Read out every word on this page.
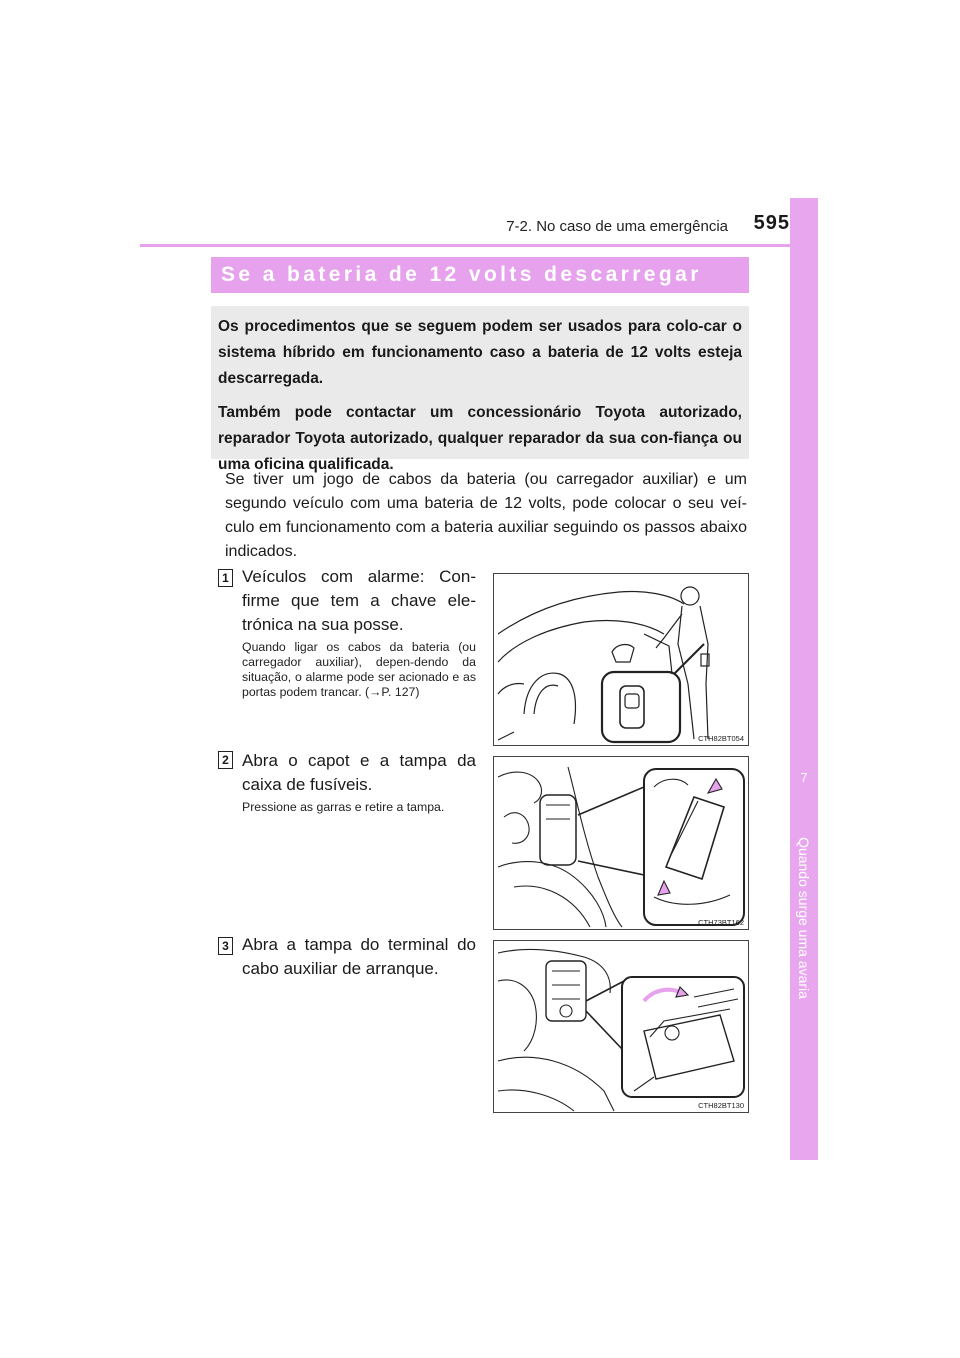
7-2. No caso de uma emergência	595
7
Quando surge uma avaria
Se a bateria de 12 volts descarregar

Os procedimentos que se seguem podem ser usados para colo-car o sistema híbrido em funcionamento caso a bateria de 12 volts esteja descarregada.

Também pode contactar um concessionário Toyota autorizado, reparador Toyota autorizado, qualquer reparador da sua con-fiança ou uma oficina qualificada.

Se tiver um jogo de cabos da bateria (ou carregador auxiliar) e um segundo veículo com uma bateria de 12 volts, pode colocar o seu veí-culo em funcionamento com a bateria auxiliar seguindo os passos abaixo indicados.

1 Veículos com alarme: Con-firme que tem a chave ele-trónica na sua posse.

Quando ligar os cabos da bateria (ou carregador auxiliar), depen-dendo da situação, o alarme pode ser acionado e as portas podem trancar. (→P. 127)

CTH82BT054
2 Abra o capot e a tampa da caixa de fusíveis.

Pressione as garras e retire a tampa.

CTH73BT162
3 Abra a tampa do terminal do cabo auxiliar de arranque.

CTH82BT130
